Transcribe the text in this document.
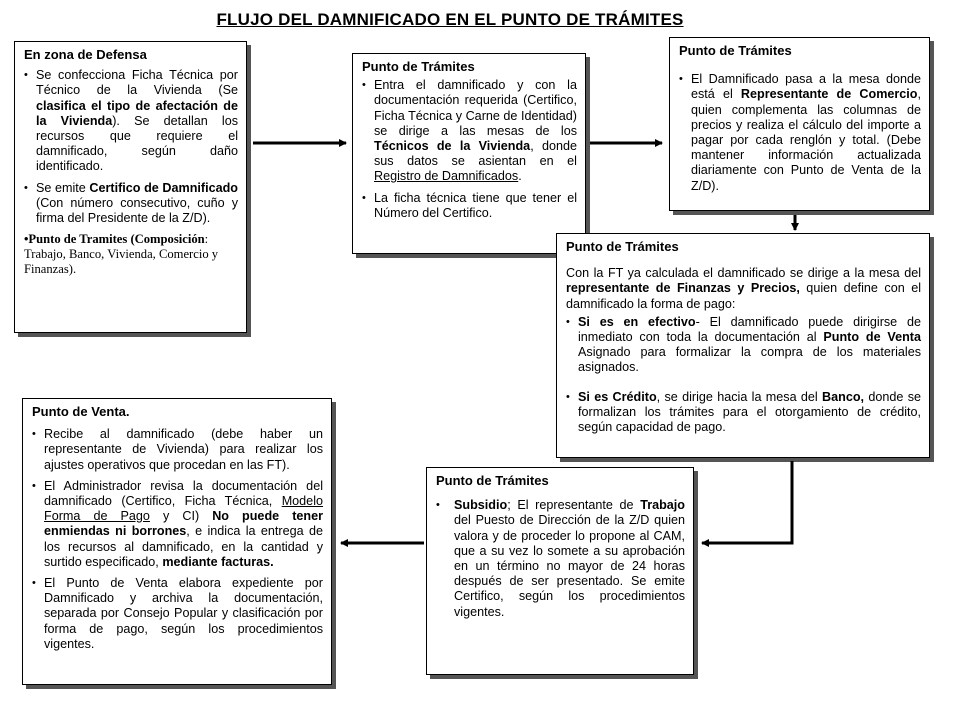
FLUJO DEL DAMNIFICADO EN EL PUNTO DE TRÁMITES
En zona de Defensa
• Se confecciona Ficha Técnica por Técnico de la Vivienda (Se clasifica el tipo de afectación de la Vivienda). Se detallan los recursos que requiere el damnificado, según daño identificado.
• Se emite Certifico de Damnificado (Con número consecutivo, cuño y firma del Presidente de la Z/D).

•Punto de Tramites (Composición: Trabajo, Banco, Vivienda, Comercio y Finanzas).

Punto de Trámites
• Entra el damnificado y con la documentación requerida (Certifico, Ficha Técnica y Carne de Identidad) se dirige a las mesas de los Técnicos de la Vivienda, donde sus datos se asientan en el Registro de Damnificados.
• La ficha técnica tiene que tener el Número del Certifico.
Punto de Trámites
• El Damnificado pasa a la mesa donde está el Representante de Comercio, quien complementa las columnas de precios y realiza el cálculo del importe a pagar por cada renglón y total. (Debe mantener información actualizada diariamente con Punto de Venta de la Z/D).
Punto de Trámites

Con la FT ya calculada el damnificado se dirige a la mesa del representante de Finanzas y Precios, quien define con el damnificado la forma de pago:

• Si es en efectivo- El damnificado puede dirigirse de inmediato con toda la documentación al Punto de Venta Asignado para formalizar la compra de los materiales asignados.
• Si es Crédito, se dirige hacia la mesa del Banco, donde se formalizan los trámites para el otorgamiento de crédito, según capacidad de pago.
Punto de Trámites
• Subsidio; El representante de Trabajo del Puesto de Dirección de la Z/D quien valora y de proceder lo propone al CAM, que a su vez lo somete a su aprobación en un término no mayor de 24 horas después de ser presentado. Se emite Certifico, según los procedimientos vigentes.
Punto de Venta.
• Recibe al damnificado (debe haber un representante de Vivienda) para realizar los ajustes operativos que procedan en las FT).
• El Administrador revisa la documentación del damnificado (Certifico, Ficha Técnica, Modelo Forma de Pago y CI) No puede tener enmiendas ni borrones, e indica la entrega de los recursos al damnificado, en la cantidad y surtido especificado, mediante facturas.
• El Punto de Venta elabora expediente por Damnificado y archiva la documentación, separada por Consejo Popular y clasificación por forma de pago, según los procedimientos vigentes.
